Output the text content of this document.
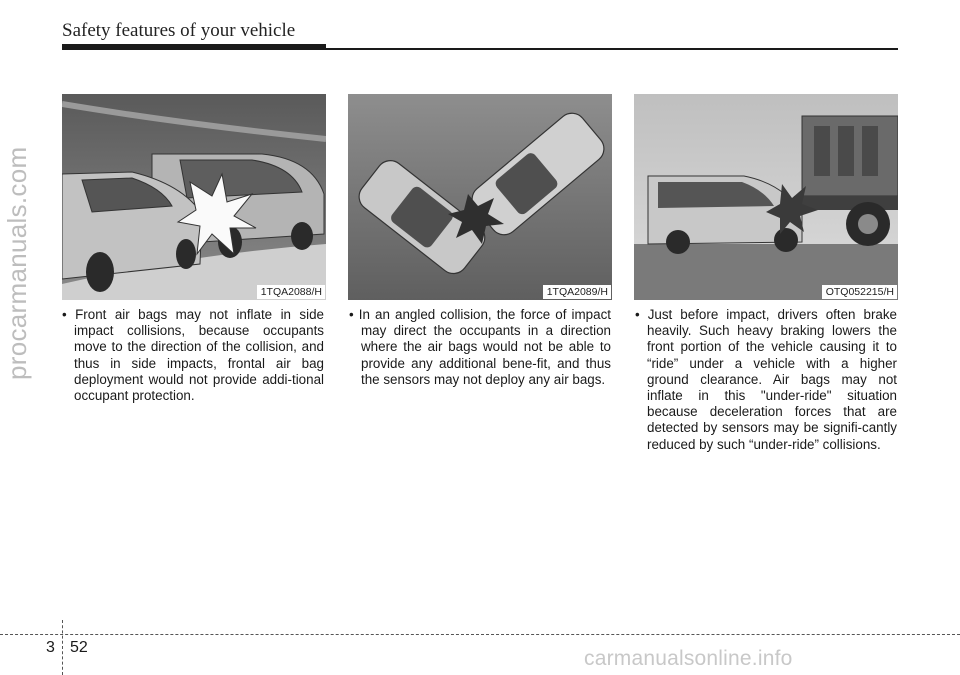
Safety features of your vehicle
procarmanuals.com	1TQA2088/H	1TQA2089/H	OTQ052215/H
• Front air bags may not inflate in side impact collisions, because occupants move to the direction of the collision, and thus in side impacts, frontal air bag deployment would not provide addi-tional occupant protection.
• In an angled collision, the force of impact may direct the occupants in a direction where the air bags would not be able to provide any additional bene-fit, and thus the sensors may not deploy any air bags.
• Just before impact, drivers often brake heavily. Such heavy braking lowers the front portion of the vehicle causing it to “ride” under a vehicle with a higher ground clearance. Air bags may not inflate in this "under-ride" situation because deceleration forces that are detected by sensors may be signifi-cantly reduced by such “under-ride” collisions.
3 52	carmanualsonline.info
